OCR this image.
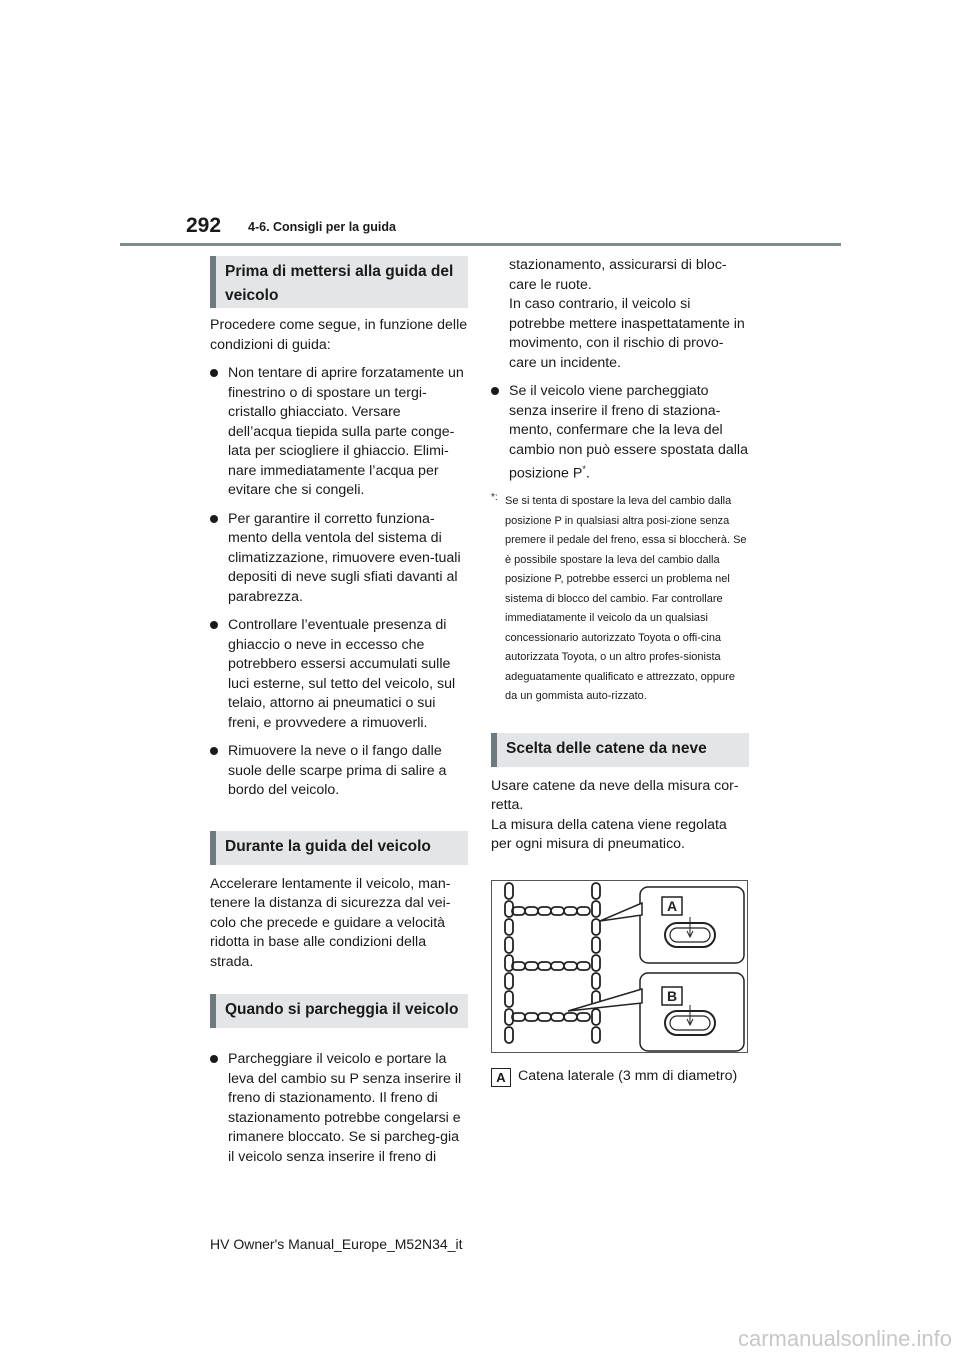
292 4-6. Consigli per la guida
Prima di mettersi alla guida del veicolo

Procedere come segue, in funzione delle condizioni di guida:

Non tentare di aprire forzatamente un finestrino o di spostare un tergi-cristallo ghiacciato. Versare dell’acqua tiepida sulla parte conge-lata per sciogliere il ghiaccio. Elimi-nare immediatamente l’acqua per evitare che si congeli.
Per garantire il corretto funziona-mento della ventola del sistema di climatizzazione, rimuovere even-tuali depositi di neve sugli sfiati davanti al parabrezza.
Controllare l’eventuale presenza di ghiaccio o neve in eccesso che potrebbero essersi accumulati sulle luci esterne, sul tetto del veicolo, sul telaio, attorno ai pneumatici o sui freni, e provvedere a rimuoverli.
Rimuovere la neve o il fango dalle suole delle scarpe prima di salire a bordo del veicolo.
Durante la guida del veicolo

Accelerare lentamente il veicolo, man-tenere la distanza di sicurezza dal vei-colo che precede e guidare a velocità ridotta in base alle condizioni della strada.

Quando si parcheggia il veicolo
Parcheggiare il veicolo e portare la leva del cambio su P senza inserire il freno di stazionamento. Il freno di stazionamento potrebbe congelarsi e rimanere bloccato. Se si parcheg-gia il veicolo senza inserire il freno di

stazionamento, assicurarsi di bloc-care le ruote.
In caso contrario, il veicolo si potrebbe mettere inaspettatamente in movimento, con il rischio di provo-care un incidente.

Se il veicolo viene parcheggiato senza inserire il freno di staziona-mento, confermare che la leva del cambio non può essere spostata dalla posizione P*.
*: Se si tenta di spostare la leva del cambio dalla posizione P in qualsiasi altra posi-zione senza premere il pedale del freno, essa si bloccherà. Se è possibile spostare la leva del cambio dalla posizione P, potrebbe esserci un problema nel sistema di blocco del cambio. Far controllare immediatamente il veicolo da un qualsiasi concessionario autorizzato Toyota o offi-cina autorizzata Toyota, o un altro profes-sionista adeguatamente qualificato e attrezzato, oppure da un gommista auto-rizzato.
Scelta delle catene da neve

Usare catene da neve della misura cor-retta.
La misura della catena viene regolata per ogni misura di pneumatico.

A
B
A Catena laterale (3 mm di diametro)
HV Owner's Manual_Europe_M52N34_it
carmanualsonline.info
